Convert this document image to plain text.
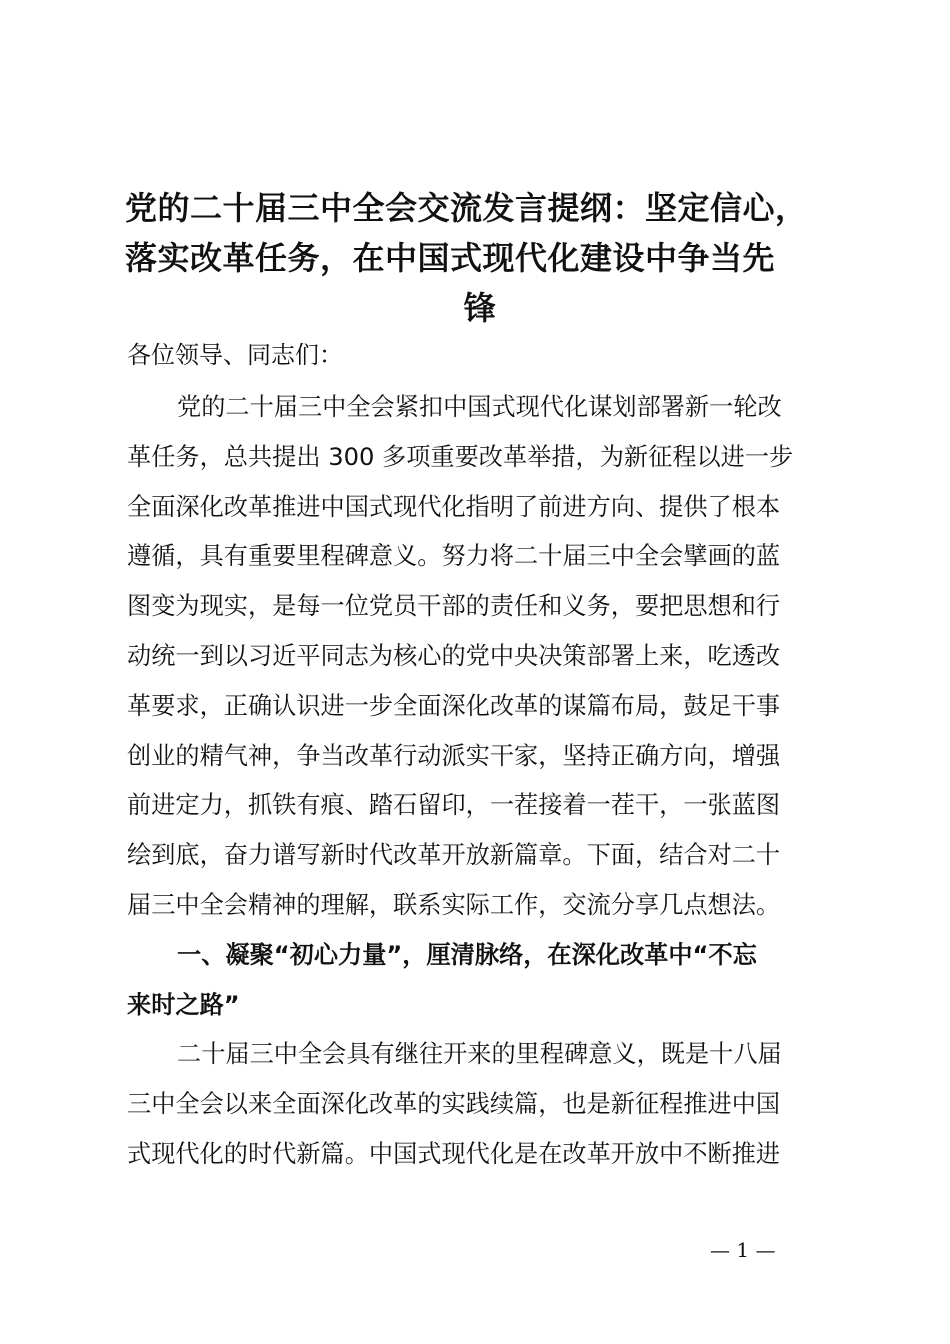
党的二十届三中全会交流发言提纲：坚定信心，
落实改革任务，在中国式现代化建设中争当先
锋
各位领导、同志们：
党的二十届三中全会紧扣中国式现代化谋划部署新一轮改
革任务，总共提出 300 多项重要改革举措，为新征程以进一步
全面深化改革推进中国式现代化指明了前进方向、提供了根本
遵循，具有重要里程碑意义。努力将二十届三中全会擘画的蓝
图变为现实，是每一位党员干部的责任和义务，要把思想和行
动统一到以习近平同志为核心的党中央决策部署上来，吃透改
革要求，正确认识进一步全面深化改革的谋篇布局，鼓足干事
创业的精气神，争当改革行动派实干家，坚持正确方向，增强
前进定力，抓铁有痕、踏石留印，一茬接着一茬干，一张蓝图
绘到底，奋力谱写新时代改革开放新篇章。下面，结合对二十
届三中全会精神的理解，联系实际工作，交流分享几点想法。
一、凝聚“初心力量”，厘清脉络，在深化改革中“不忘
来时之路”
二十届三中全会具有继往开来的里程碑意义，既是十八届
三中全会以来全面深化改革的实践续篇，也是新征程推进中国
式现代化的时代新篇。中国式现代化是在改革开放中不断推进
— 1 —
